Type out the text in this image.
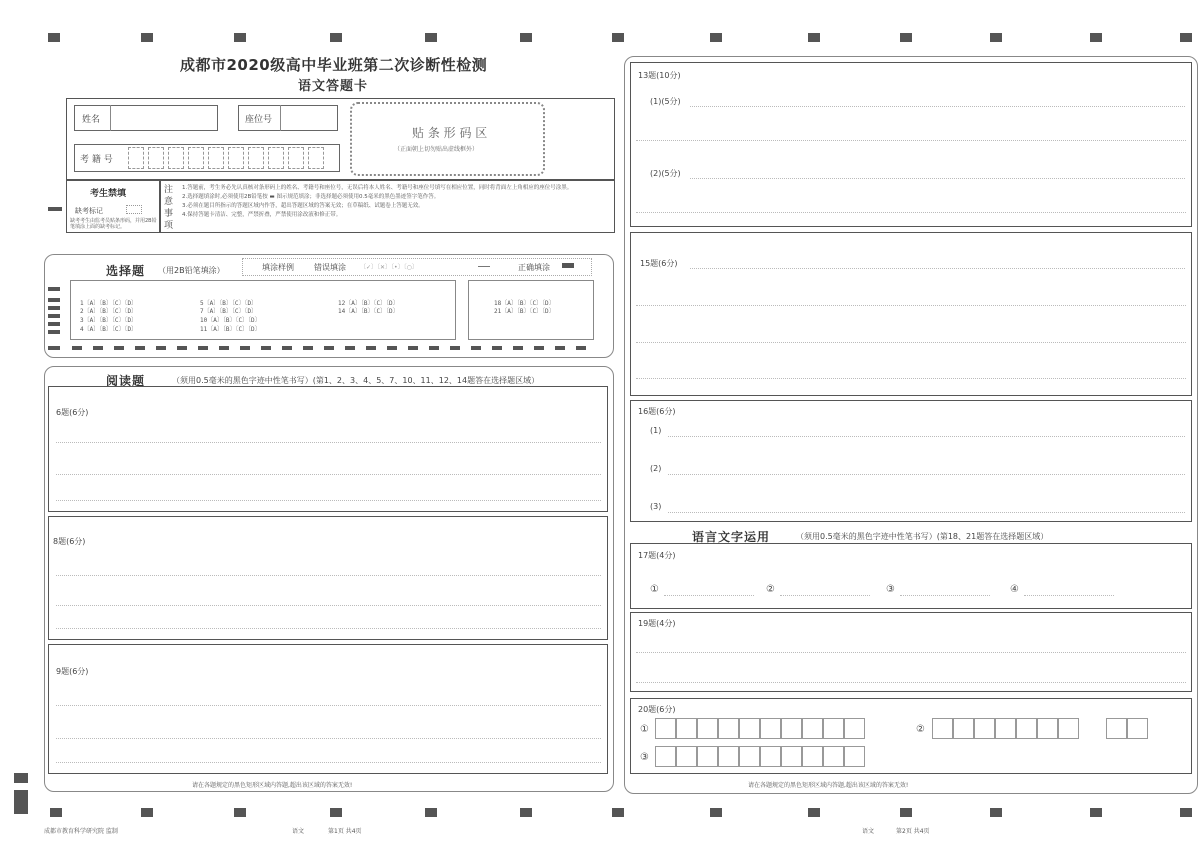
成都市2020级高中毕业班第二次诊断性检测
语文答题卡
姓名	座位号
考 籍 号
贴 条 形 码 区
（正面朝上切勿贴出虚线框外）
考生禁填
缺考标记
缺考考生由监考员贴条形码，并用2B铅笔填涂上面的缺考标记。
注
意
事
项
1.答题前，考生务必先认真核对条形码上的姓名、考籍号和座位号，无误后将本人姓名、考籍号和座位号填写在相应位置，同时将背面左上角相应的座位号涂黑。
2.选择题填涂时,必须使用2B铅笔按 ▬ 图示规范填涂；非选择题必须使用0.5毫米的黑色墨迹签字笔作答。
3.必须在题目所指示的答题区域内作答，超出答题区域的答案无效；在草稿纸、试题卷上答题无效。
4.保持答题卡清洁、完整，严禁折叠，严禁使用涂改液和修正带。
选择题 （用2B铅笔填涂）	填涂样例	错误填涂 〔✓〕〔✕〕〔•〕〔○〕	正确填涂
1〔A〕〔B〕〔C〕〔D〕
2〔A〕〔B〕〔C〕〔D〕
3〔A〕〔B〕〔C〕〔D〕
4〔A〕〔B〕〔C〕〔D〕
5〔A〕〔B〕〔C〕〔D〕
7〔A〕〔B〕〔C〕〔D〕
10〔A〕〔B〕〔C〕〔D〕
11〔A〕〔B〕〔C〕〔D〕
12〔A〕〔B〕〔C〕〔D〕
14〔A〕〔B〕〔C〕〔D〕
18〔A〕〔B〕〔C〕〔D〕
21〔A〕〔B〕〔C〕〔D〕
阅读题	（须用0.5毫米的黑色字迹中性笔书写）(第1、2、3、4、5、7、10、11、12、14题答在选择题区域）
6题(6分)
8题(6分)
9题(6分)
请在各题规定的黑色矩形区域内答题,超出该区域的答案无效!
13题(10分)
(1)(5分)
(2)(5分)
15题(6分)
16题(6分)
(1)
(2)
(3)
语言文字运用	（须用0.5毫米的黑色字迹中性笔书写）(第18、21题答在选择题区域）
17题(4分)
①	②	③	④
19题(4分)
20题(6分)
①	②
③
请在各题规定的黑色矩形区域内答题,超出该区域的答案无效!
成都市教育科学研究院 监制	语文	第1页 共4页	语文	第2页 共4页
